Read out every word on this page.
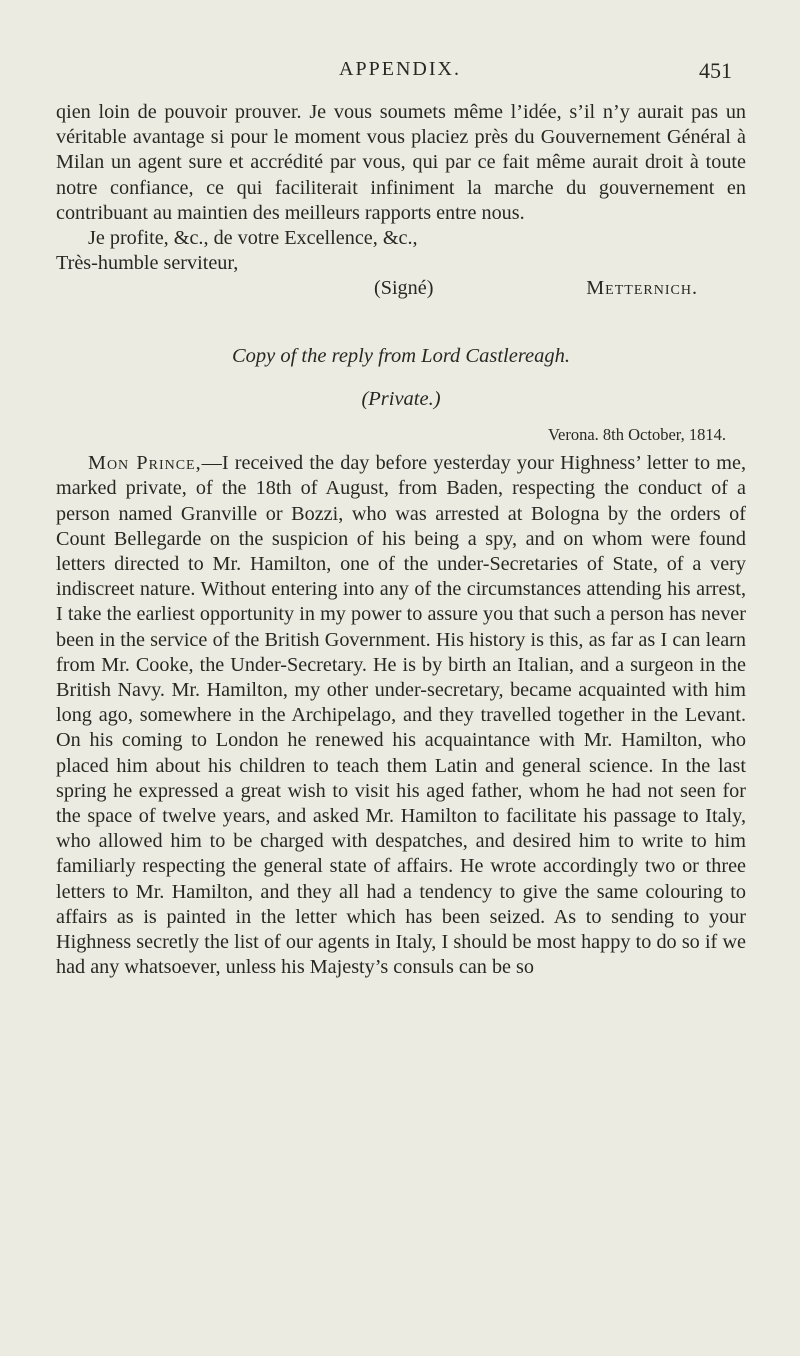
APPENDIX.	451

qien loin de pouvoir prouver. Je vous soumets même l’idée, s’il n’y aurait pas un véritable avantage si pour le moment vous placiez près du Gouvernement Général à Milan un agent sure et accrédité par vous, qui par ce fait même aurait droit à toute notre confiance, ce qui faciliterait infiniment la marche du gouvernement en contribuant au maintien des meilleurs rapports entre nous.

Je profite, &c., de votre Excellence, &c.,

Très-humble serviteur,

(Signé)	Metternich.

Copy of the reply from Lord Castlereagh.

(Private.)

Verona. 8th October, 1814.

Mon Prince,—I received the day before yesterday your Highness’ letter to me, marked private, of the 18th of August, from Baden, respecting the conduct of a person named Granville or Bozzi, who was arrested at Bologna by the orders of Count Bellegarde on the suspicion of his being a spy, and on whom were found letters directed to Mr. Hamilton, one of the under-Secretaries of State, of a very indiscreet nature. Without entering into any of the circumstances attending his arrest, I take the earliest opportunity in my power to assure you that such a person has never been in the service of the British Government. His history is this, as far as I can learn from Mr. Cooke, the Under-Secretary. He is by birth an Italian, and a surgeon in the British Navy. Mr. Hamilton, my other under-secretary, became acquainted with him long ago, somewhere in the Archipelago, and they travelled together in the Levant. On his coming to London he renewed his acquaintance with Mr. Hamilton, who placed him about his children to teach them Latin and general science. In the last spring he expressed a great wish to visit his aged father, whom he had not seen for the space of twelve years, and asked Mr. Hamilton to facilitate his passage to Italy, who allowed him to be charged with despatches, and desired him to write to him familiarly respecting the general state of affairs. He wrote accordingly two or three letters to Mr. Hamilton, and they all had a tendency to give the same colouring to affairs as is painted in the letter which has been seized. As to sending to your Highness secretly the list of our agents in Italy, I should be most happy to do so if we had any whatsoever, unless his Majesty’s consuls can be so
